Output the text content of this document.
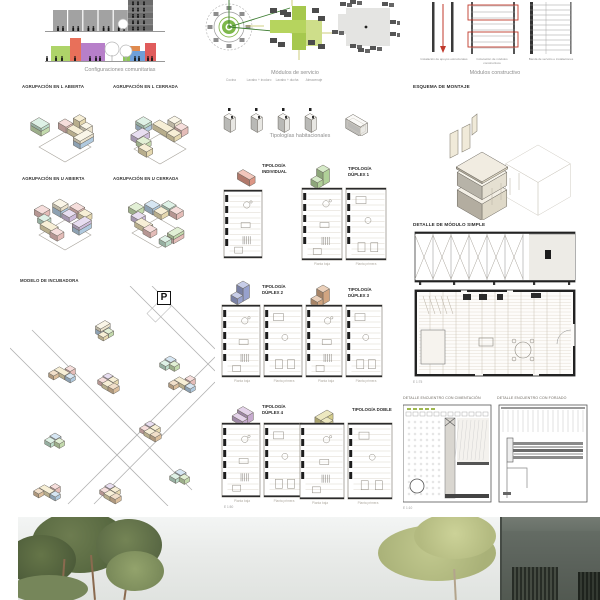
Configuraciones comunitarias
AGRUPACIÓN EN L ABIERTA	AGRUPACIÓN EN L CERRADA
AGRUPACIÓN EN U ABIERTA	AGRUPACIÓN EN U CERRADA
MODELO DE INCUBADORA
P
Módulos de servicio
Cocina	Lavabo + inodoro	Lavabo + ducha	Almacenaje
Tipologías habitacionales
TIPOLOGÍA INDIVIDUAL
TIPOLOGÍA DÚPLEX 1
TIPOLOGÍA DÚPLEX 2
TIPOLOGÍA DÚPLEX 3
TIPOLOGÍA DÚPLEX 4
TIPOLOGÍA DOBLE
E 1:50
Instalación de apoyos estructurales	Colocación de módulos constructivos
Banda de servicio e instalaciones
Módulos constructivo
ESQUEMA DE MONTAJE
DETALLE DE MÓDULO SIMPLE
E 1:75
DETALLE ENCUENTRO CON CIMENTACIÓN	DETALLE ENCUENTRO CON FORJADO
E 1:10
Planta baja	Planta primera
Planta baja	Planta primera	Planta baja	Planta primera
Planta baja	Planta primera	Planta baja	Planta primera
